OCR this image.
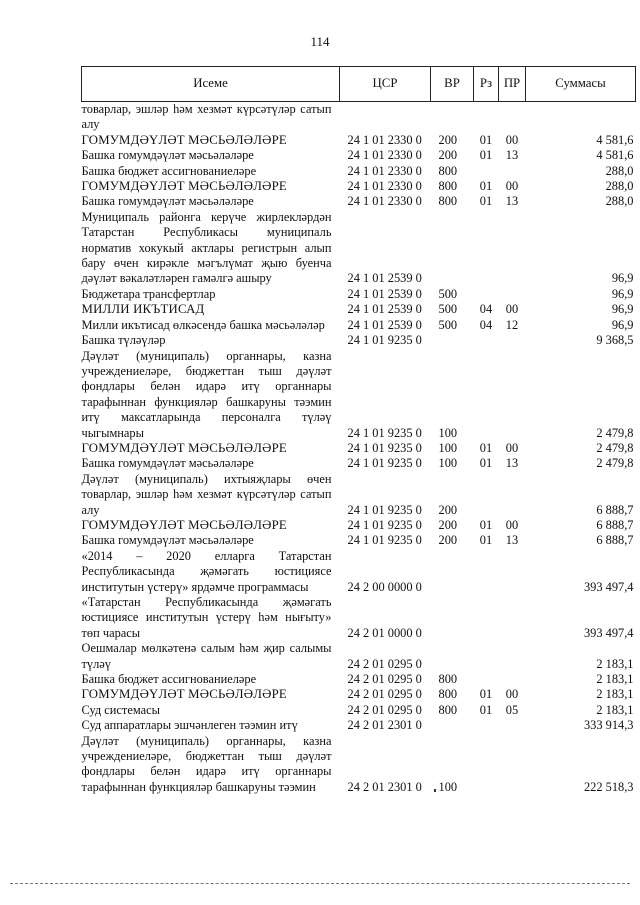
114
Исеме	ЦСР	ВР	Рз	ПР	Суммасы
товарлар, эшләр һәм хезмәт күрсәтүләр сатып алу					
ГОМУМДӘҮЛӘТ МӘСЬӘЛӘЛӘРЕ	24 1 01 2330 0	200	01	00	4 581,6
Башка гомумдәүләт мәсьәләләре	24 1 01 2330 0	200	01	13	4 581,6
Башка бюджет ассигнованиеләре	24 1 01 2330 0	800			288,0
ГОМУМДӘҮЛӘТ МӘСЬӘЛӘЛӘРЕ	24 1 01 2330 0	800	01	00	288,0
Башка гомумдәүләт мәсьәләләре	24 1 01 2330 0	800	01	13	288,0
Муниципаль районга керүче жирлекләрдән Татарстан Республикасы муниципаль норматив хокукый актлары регистрын алып бару өчен кирәкле мәгълүмат җыю буенча дәүләт вәкаләтләрен гамәлгә ашыру	24 1 01 2539 0				96,9
Бюджетара трансфертлар	24 1 01 2539 0	500			96,9
МИЛЛИ ИКЪТИСАД	24 1 01 2539 0	500	04	00	96,9
Милли икътисад өлкәсендә башка мәсьәләләр	24 1 01 2539 0	500	04	12	96,9
Башка түләүләр	24 1 01 9235 0				9 368,5
Дәүләт (муниципаль) органнары, казна учреждениеләре, бюджеттан тыш дәүләт фондлары белән идарә итү органнары тарафыннан функцияләр башкаруны тәэмин итү максатларында персоналга түләү чыгымнары	24 1 01 9235 0	100			2 479,8
ГОМУМДӘҮЛӘТ МӘСЬӘЛӘЛӘРЕ	24 1 01 9235 0	100	01	00	2 479,8
Башка гомумдәүләт мәсьәләләре	24 1 01 9235 0	100	01	13	2 479,8
Дәүләт (муниципаль) ихтыяҗлары өчен товарлар, эшләр һәм хезмәт күрсәтүләр сатып алу	24 1 01 9235 0	200			6 888,7
ГОМУМДӘҮЛӘТ МӘСЬӘЛӘЛӘРЕ	24 1 01 9235 0	200	01	00	6 888,7
Башка гомумдәүләт мәсьәләләре	24 1 01 9235 0	200	01	13	6 888,7
«2014 – 2020 елларга Татарстан Республикасында җәмәгать юстициясе институтын үстерү» ярдәмче программасы	24 2 00 0000 0				393 497,4
«Татарстан Республикасында җәмәгать юстициясе институтын үстерү һәм нығыту» төп чарасы	24 2 01 0000 0				393 497,4
Оешмалар мөлкәтенә салым һәм җир салымы түләү	24 2 01 0295 0				2 183,1
Башка бюджет ассигнованиеләре	24 2 01 0295 0	800			2 183,1
ГОМУМДӘҮЛӘТ МӘСЬӘЛӘЛӘРЕ	24 2 01 0295 0	800	01	00	2 183,1
Суд системасы	24 2 01 0295 0	800	01	05	2 183,1
Суд аппаратлары эшчәнлеген тәэмин итү	24 2 01 2301 0				333 914,3
Дәүләт (муниципаль) органнары, казна учреждениеләре, бюджеттан тыш дәүләт фондлары белән идарә итү органнары тарафыннан функцияләр башкаруны тәэмин	24 2 01 2301 0	100			222 518,3
